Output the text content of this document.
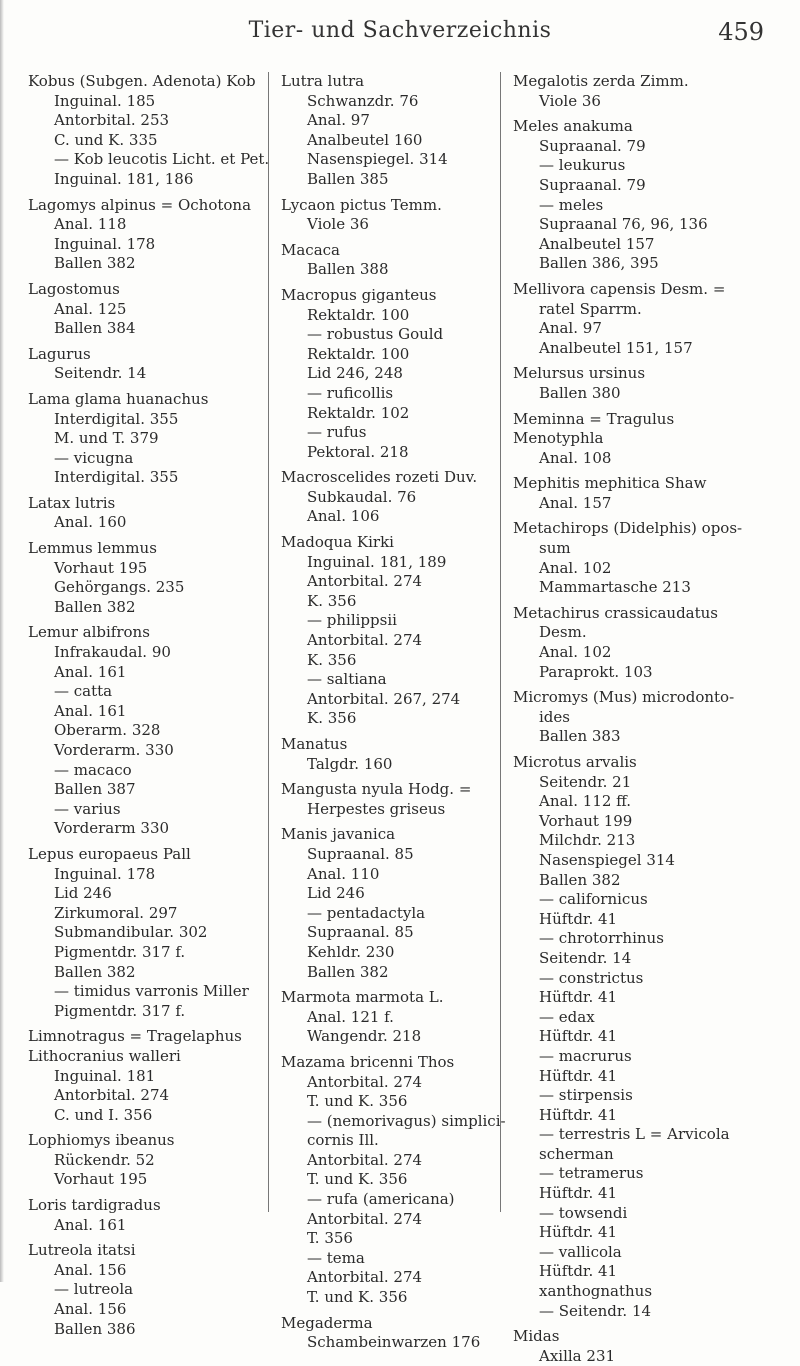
Tier- und Sachverzeichnis	459
Kobus (Subgen. Adenota) Kob
Inguinal. 185
Antorbital. 253
C. und K. 335
— Kob leucotis Licht. et Pet.
Inguinal. 181, 186
Lagomys alpinus = Ochotona
Anal. 118
Inguinal. 178
Ballen 382
Lagostomus
Anal. 125
Ballen 384
Lagurus
Seitendr. 14
Lama glama huanachus
Interdigital. 355
M. und T. 379
— vicugna
Interdigital. 355
Latax lutris
Anal. 160
Lemmus lemmus
Vorhaut 195
Gehörgangs. 235
Ballen 382
Lemur albifrons
Infrakaudal. 90
Anal. 161
— catta
Anal. 161
Oberarm. 328
Vorderarm. 330
— macaco
Ballen 387
— varius
Vorderarm 330
Lepus europaeus Pall
Inguinal. 178
Lid 246
Zirkumoral. 297
Submandibular. 302
Pigmentdr. 317 f.
Ballen 382
— timidus varronis Miller
Pigmentdr. 317 f.
Limnotragus = Tragelaphus
Lithocranius walleri
Inguinal. 181
Antorbital. 274
C. und I. 356
Lophiomys ibeanus
Rückendr. 52
Vorhaut 195
Loris tardigradus
Anal. 161
Lutreola itatsi
Anal. 156
— lutreola
Anal. 156
Ballen 386
Lutra lutra
Schwanzdr. 76
Anal. 97
Analbeutel 160
Nasenspiegel. 314
Ballen 385
Lycaon pictus Temm.
Viole 36
Macaca
Ballen 388
Macropus giganteus
Rektaldr. 100
— robustus Gould
Rektaldr. 100
Lid 246, 248
— ruficollis
Rektaldr. 102
— rufus
Pektoral. 218
Macroscelides rozeti Duv.
Subkaudal. 76
Anal. 106
Madoqua Kirki
Inguinal. 181, 189
Antorbital. 274
K. 356
— philippsii
Antorbital. 274
K. 356
— saltiana
Antorbital. 267, 274
K. 356
Manatus
Talgdr. 160
Mangusta nyula Hodg. =
Herpestes griseus
Manis javanica
Supraanal. 85
Anal. 110
Lid 246
— pentadactyla
Supraanal. 85
Kehldr. 230
Ballen 382
Marmota marmota L.
Anal. 121 f.
Wangendr. 218
Mazama bricenni Thos
Antorbital. 274
T. und K. 356
— (nemorivagus) simplici-
cornis Ill.
Antorbital. 274
T. und K. 356
— rufa (americana)
Antorbital. 274
T. 356
— tema
Antorbital. 274
T. und K. 356
Megaderma
Schambeinwarzen 176
Megalotis zerda Zimm.
Viole 36
Meles anakuma
Supraanal. 79
— leukurus
Supraanal. 79
— meles
Supraanal 76, 96, 136
Analbeutel 157
Ballen 386, 395
Mellivora capensis Desm. =
ratel Sparrm.
Anal. 97
Analbeutel 151, 157
Melursus ursinus
Ballen 380
Meminna = Tragulus
Menotyphla
Anal. 108
Mephitis mephitica Shaw
Anal. 157
Metachirops (Didelphis) opos-
sum
Anal. 102
Mammartasche 213
Metachirus crassicaudatus
Desm.
Anal. 102
Paraprokt. 103
Micromys (Mus) microdonto-
ides
Ballen 383
Microtus arvalis
Seitendr. 21
Anal. 112 ff.
Vorhaut 199
Milchdr. 213
Nasenspiegel 314
Ballen 382
— californicus
Hüftdr. 41
— chrotorrhinus
Seitendr. 14
— constrictus
Hüftdr. 41
— edax
Hüftdr. 41
— macrurus
Hüftdr. 41
— stirpensis
Hüftdr. 41
— terrestris L = Arvicola
scherman
— tetramerus
Hüftdr. 41
— towsendi
Hüftdr. 41
— vallicola
Hüftdr. 41
xanthognathus
— Seitendr. 14
Midas
Axilla 231
